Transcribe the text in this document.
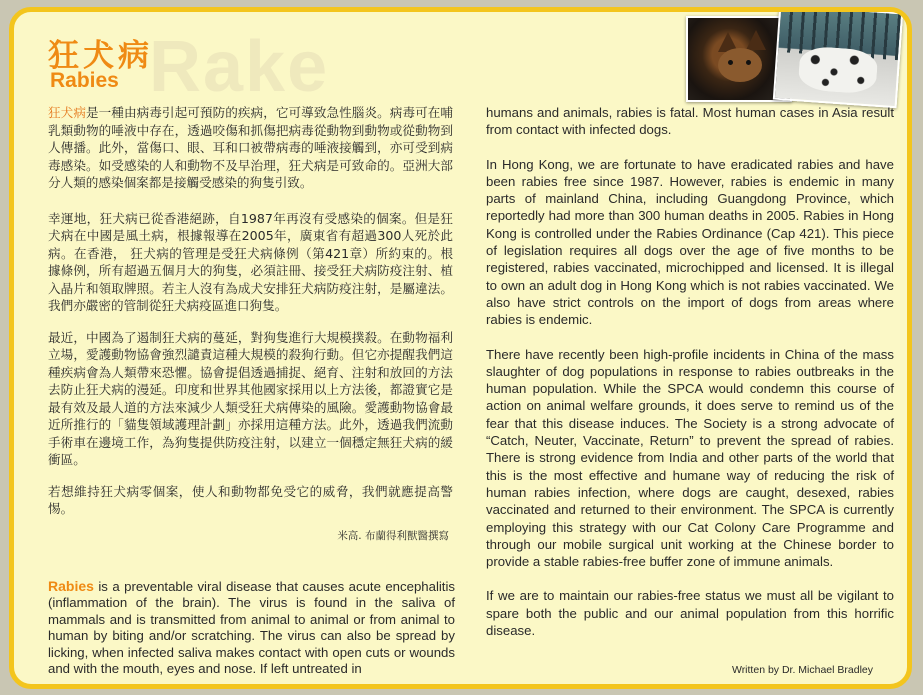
Rake
狂犬病
Rabies

狂犬病是一種由病毒引起可預防的疾病，它可導致急性腦炎。病毒可在哺乳類動物的唾液中存在，透過咬傷和抓傷把病毒從動物到動物或從動物到人傳播。此外，當傷口、眼、耳和口被帶病毒的唾液接觸到，亦可受到病毒感染。如受感染的人和動物不及早治理，狂犬病是可致命的。亞洲大部分人類的感染個案都是接觸受感染的狗隻引致。

幸運地，狂犬病已從香港絕跡，自1987年再沒有受感染的個案。但是狂犬病在中國是風土病，根據報導在2005年，廣東省有超過300人死於此病。在香港， 狂犬病的管理是受狂犬病條例（第421章）所約束的。根據條例，所有超過五個月大的狗隻，必須註冊、接受狂犬病防疫注射、植入晶片和領取牌照。若主人沒有為成犬安排狂犬病防疫注射，是屬違法。我們亦嚴密的管制從狂犬病疫區進口狗隻。

最近，中國為了遏制狂犬病的蔓延，對狗隻進行大規模撲殺。在動物福利立場，愛護動物協會強烈譴責這種大規模的殺狗行動。但它亦提醒我們這種疾病會為人類帶來恐懼。協會提倡透過捕捉、絕育、注射和放回的方法去防止狂犬病的漫延。印度和世界其他國家採用以上方法後，都證實它是最有效及最人道的方法來減少人類受狂犬病傳染的風險。愛護動物協會最近所推行的「貓隻領域護理計劃」亦採用這種方法。此外，透過我們流動手術車在邊境工作，為狗隻提供防疫注射，以建立一個穩定無狂犬病的緩衝區。

若想維持狂犬病零個案，使人和動物都免受它的威脅，我們就應提高警惕。

米高. 布蘭得利獸醫撰寫

Rabies is a preventable viral disease that causes acute encephalitis (inflammation of the brain). The virus is found in the saliva of mammals and is transmitted from animal to animal or from animal to human by biting and/or scratching. The virus can also be spread by licking, when infected saliva makes contact with open cuts or wounds and with the mouth, eyes and nose. If left untreated in

humans and animals, rabies is fatal. Most human cases in Asia result from contact with infected dogs.

In Hong Kong, we are fortunate to have eradicated rabies and have been rabies free since 1987. However, rabies is endemic in many parts of mainland China, including Guangdong Province, which reportedly had more than 300 human deaths in 2005. Rabies in Hong Kong is controlled under the Rabies Ordinance (Cap 421). This piece of legislation requires all dogs over the age of five months to be registered, rabies vaccinated, microchipped and licensed. It is illegal to own an adult dog in Hong Kong which is not rabies vaccinated. We also have strict controls on the import of dogs from areas where rabies is endemic.

There have recently been high-profile incidents in China of the mass slaughter of dog populations in response to rabies outbreaks in the human population. While the SPCA would condemn this course of action on animal welfare grounds, it does serve to remind us of the fear that this disease induces. The Society is a strong advocate of “Catch, Neuter, Vaccinate, Return” to prevent the spread of rabies. There is strong evidence from India and other parts of the world that this is the most effective and humane way of reducing the risk of human rabies infection, where dogs are caught, desexed, rabies vaccinated and returned to their environment. The SPCA is currently employing this strategy with our Cat Colony Care Programme and through our mobile surgical unit working at the Chinese border to provide a stable rabies-free buffer zone of immune animals.

If we are to maintain our rabies-free status we must all be vigilant to spare both the public and our animal population from this horrific disease.

Written by Dr. Michael Bradley
